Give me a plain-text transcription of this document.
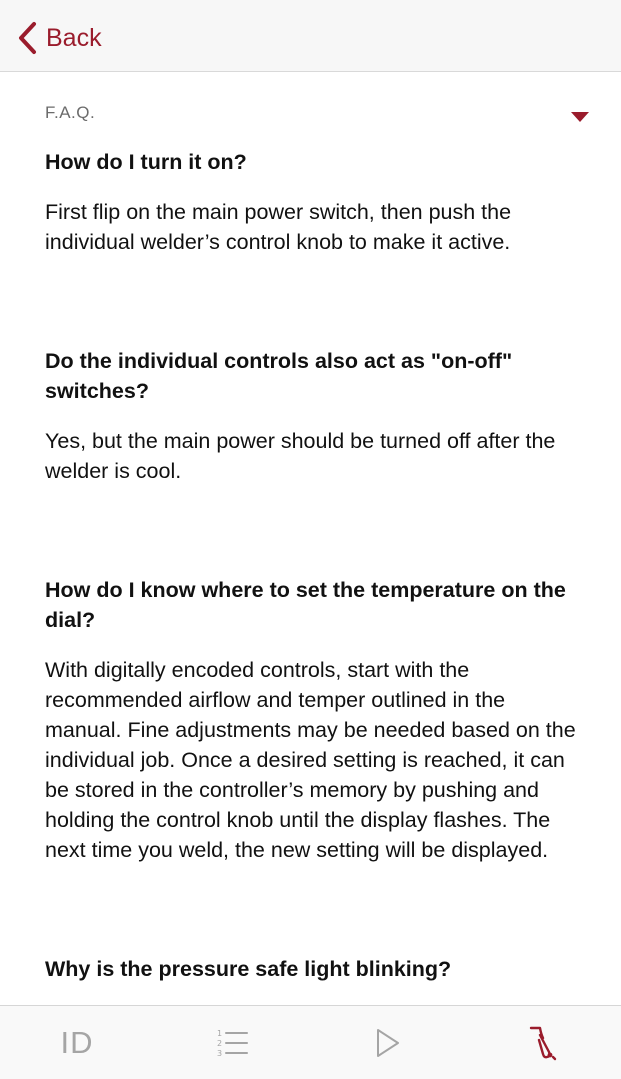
Back
F.A.Q.
How do I turn it on?
First flip on the main power switch, then push the individual welder’s control knob to make it active.
Do the individual controls also act as "on-off" switches?
Yes, but the main power should be turned off after the welder is cool.
How do I know where to set the temperature on the dial?
With digitally encoded controls, start with the recommended airflow and temper outlined in the manual. Fine adjustments may be needed based on the individual job. Once a desired setting is reached, it can be stored in the controller’s memory by pushing and holding the control knob until the display flashes. The next time you weld, the new setting will be displayed.
Why is the pressure safe light blinking?
ID	1
2
3
